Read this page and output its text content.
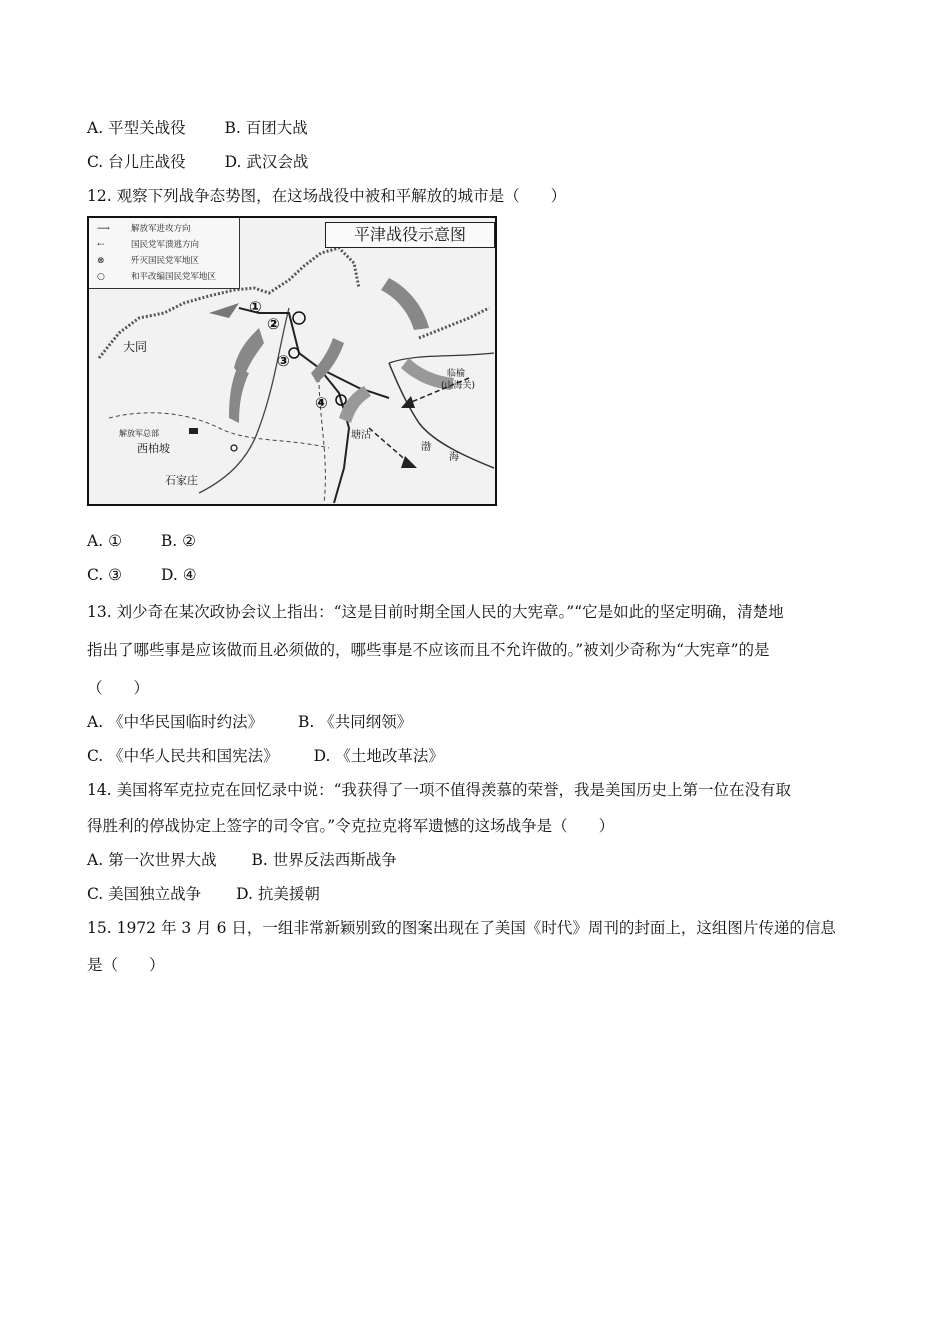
A. 平型关战役	B. 百团大战
C. 台儿庄战役	D. 武汉会战
12. 观察下列战争态势图，在这场战役中被和平解放的城市是（　　）
⟶ 解放军进攻方向
⇠	国民党军溃逃方向
⊗	歼灭国民党军地区
○	和平改编国民党军地区
平津战役示意图
大同
解放军总部
西柏坡
石家庄
塘沽
临榆
(山海关)
渤
海
①
②
③
④
A. ①	B. ②
C. ③	D. ④
13. 刘少奇在某次政协会议上指出：“这是目前时期全国人民的大宪章。”“它是如此的坚定明确，清楚地
指出了哪些事是应该做而且必须做的，哪些事是不应该而且不允许做的。”被刘少奇称为“大宪章”的是
（　　）
A. 《中华民国临时约法》 B. 《共同纲领》
C. 《中华人民共和国宪法》 D. 《土地改革法》
14. 美国将军克拉克在回忆录中说：“我获得了一项不值得羡慕的荣誉，我是美国历史上第一位在没有取
得胜利的停战协定上签字的司令官。”令克拉克将军遗憾的这场战争是（　　）
A. 第一次世界大战 B. 世界反法西斯战争
C. 美国独立战争 D. 抗美援朝
15. 1972 年 3 月 6 日，一组非常新颖别致的图案出现在了美国《时代》周刊的封面上，这组图片传递的信息
是（　　）
